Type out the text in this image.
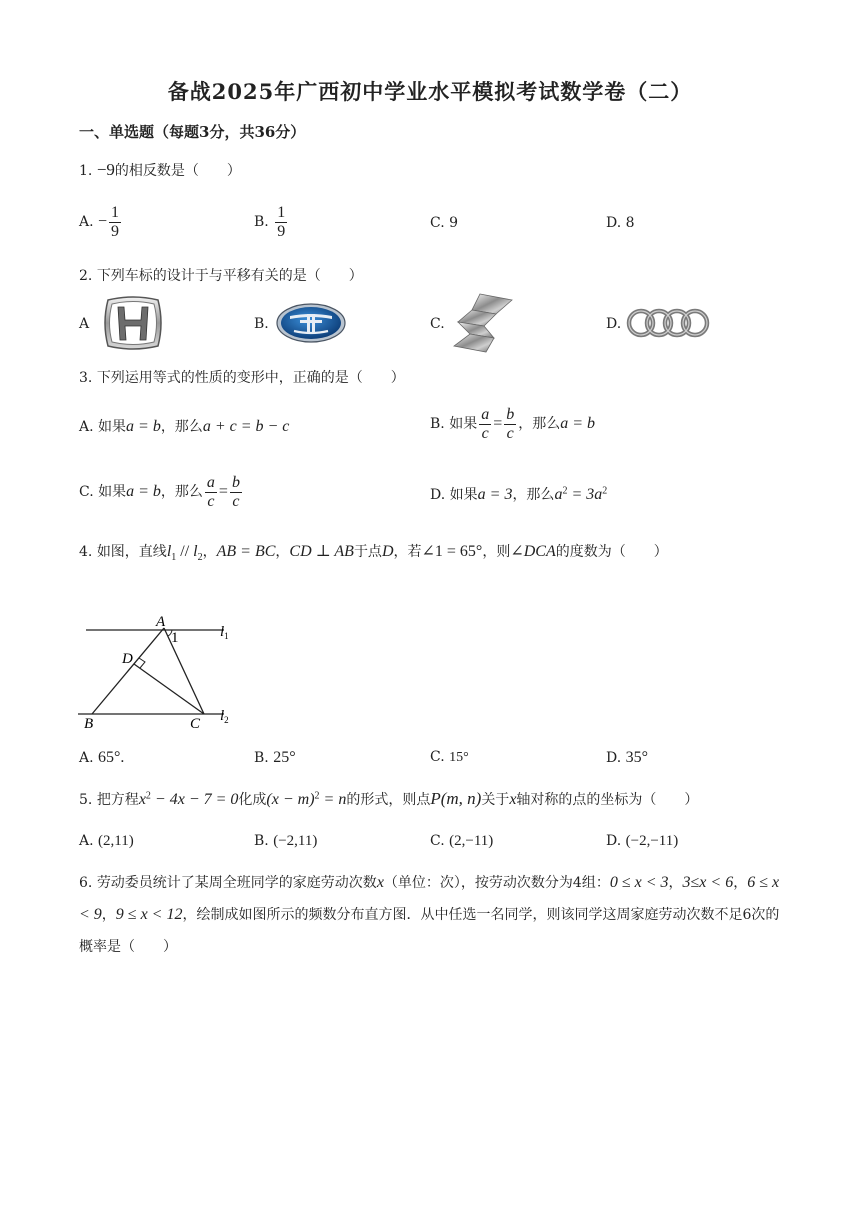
备战2025年广西初中学业水平模拟考试数学卷（二）
一、单选题（每题3分，共36分）
1. −9的相反数是（　　）
A. − $\frac{1}{9}$	B. $\frac{1}{9}$	C. 9	D. 8
2. 下列车标的设计于与平移有关的是（　　）
A	B.	C.	D.
3. 下列运用等式的性质的变形中，正确的是（　　）
A. 如果a = b，那么a + c = b − c	B. 如果 $\frac{a}{c} = \frac{b}{c}$ ，那么a = b
C. 如果a = b，那么 $\frac{a}{c} = \frac{b}{c}$	D. 如果a = 3，那么$a^2 = 3a^2$
4. 如图，直线$l_1 // l_2$，AB = BC，CD ⊥ AB于点D，若∠1 = 65°，则∠DCA的度数为（　　）
A
1
D
B	C
$l_1$
$l_2$
A. 65°.	B. 25°	C. 15°	D. 35°
5. 把方程$x^2 - 4x - 7 = 0$化成$(x - m)^2 = n$的形式，则点P(m, n)关于x轴对称的点的坐标为（　　）
A. (2,11)	B. (−2,11)	C. (2,−11)	D. (−2,−11)
6. 劳动委员统计了某周全班同学的家庭劳动次数x（单位：次），按劳动次数分为4组：0 ≤ x < 3，3≤x < 6，6 ≤ x < 9，9 ≤ x < 12，绘制成如图所示的频数分布直方图．从中任选一名同学，则该同学这周家庭劳动次数不足6次的概率是（　　）
